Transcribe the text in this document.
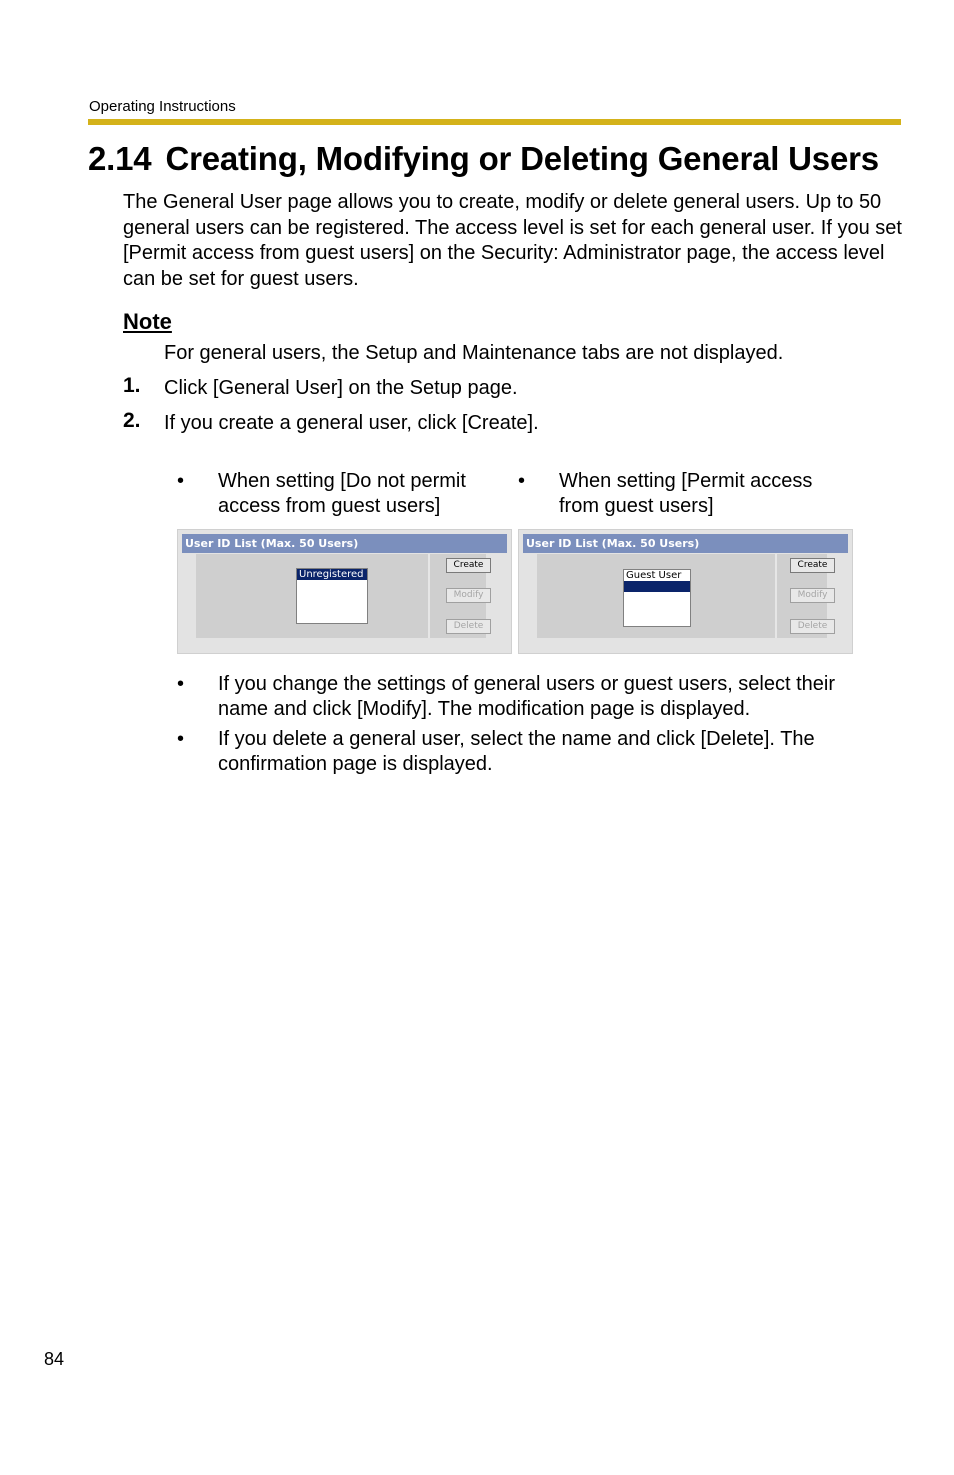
Operating Instructions
2.14 Creating, Modifying or Deleting General Users

The General User page allows you to create, modify or delete general users. Up to 50 general users can be registered. The access level is set for each general user. If you set [Permit access from guest users] on the Security: Administrator page, the access level can be set for guest users.

Note
For general users, the Setup and Maintenance tabs are not displayed.
1. Click [General User] on the Setup page.
2. If you create a general user, click [Create].
• When setting [Do not permit access from guest users]
• When setting [Permit access from guest users]
User ID List (Max. 50 Users)
Unregistered
Create
Modify
Delete
User ID List (Max. 50 Users)
Guest User

Create
Modify
Delete
• If you change the settings of general users or guest users, select their name and click [Modify]. The modification page is displayed.
• If you delete a general user, select the name and click [Delete]. The confirmation page is displayed.
84
